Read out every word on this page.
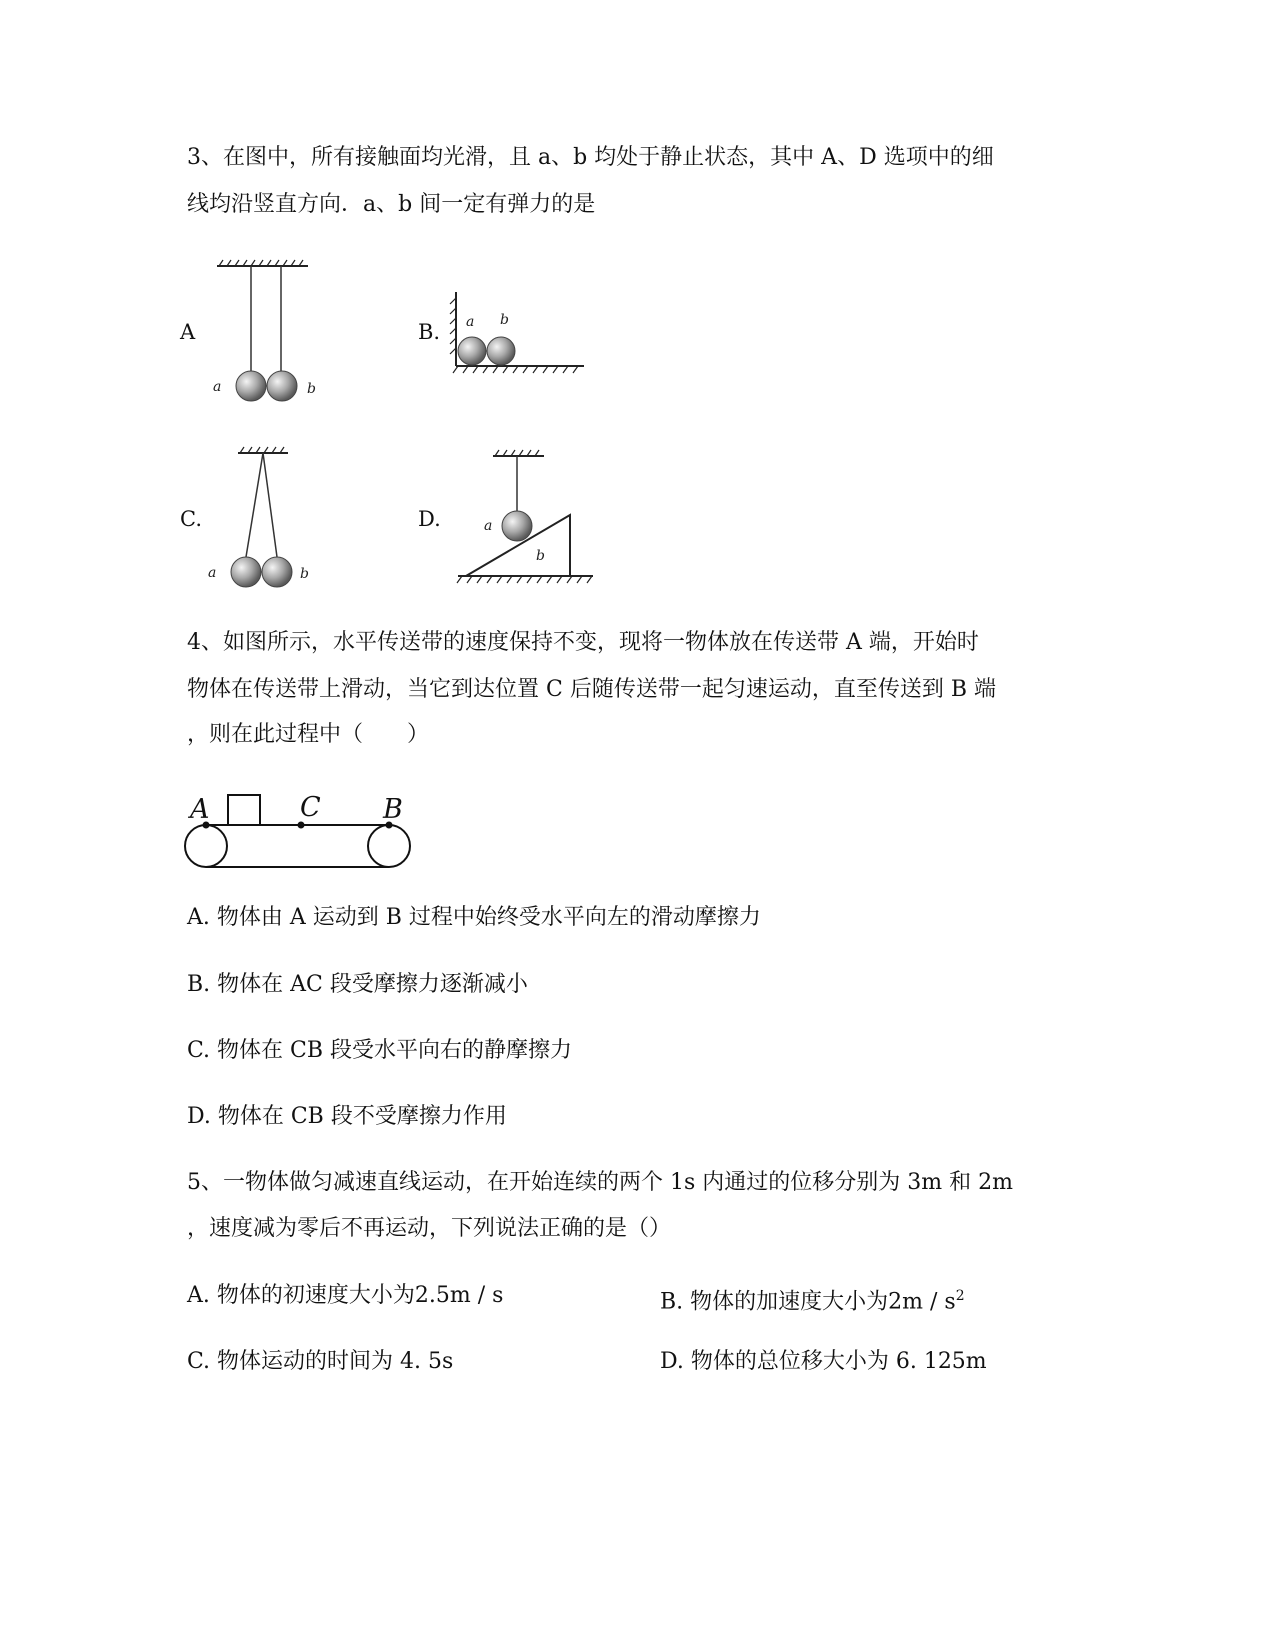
3、在图中，所有接触面均光滑，且 a、b 均处于静止状态，其中 A、D 选项中的细
线均沿竖直方向．a、b 间一定有弹力的是
A	B.
C.	D.
a	b
a b
a	b
a
b
4、如图所示，水平传送带的速度保持不变，现将一物体放在传送带 A 端，开始时
物体在传送带上滑动，当它到达位置 C 后随传送带一起匀速运动，直至传送到 B 端
，则在此过程中（　　）
A	C B
A. 物体由 A 运动到 B 过程中始终受水平向左的滑动摩擦力
B. 物体在 AC 段受摩擦力逐渐减小
C. 物体在 CB 段受水平向右的静摩擦力
D. 物体在 CB 段不受摩擦力作用
5、一物体做匀减速直线运动，在开始连续的两个 1s 内通过的位移分别为 3m 和 2m
，速度减为零后不再运动，下列说法正确的是（）
A. 物体的初速度大小为2.5m / s	B. 物体的加速度大小为$2m / s^2$
C. 物体运动的时间为 4. 5s	D. 物体的总位移大小为 6. 125m
